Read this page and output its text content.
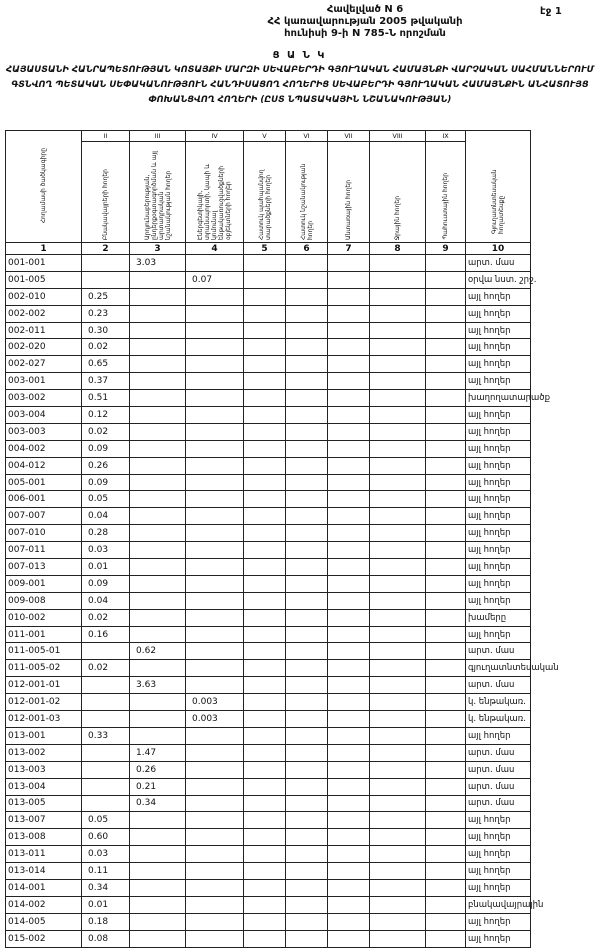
Հավելված N 6
ՀՀ կառավարության 2005 թվականի
հունիսի 9-ի N 785-Ն որոշման
էջ 1
Ց Ա Ն Կ
ՀԱՅԱՍՏԱՆԻ ՀԱՆՐԱՊԵՏՈՒԹՅԱՆ ԿՈՏԱՅՔԻ ՄԱՐԶԻ ՍԵՎԱԲԵՐԴԻ ԳՅՈՒՂԱԿԱՆ ՀԱՄԱՅՆՔԻ ՎԱՐՉԱԿԱՆ ՍԱՀՄԱՆՆԵՐՈՒՄ ԳՏՆՎՈՂ ՊԵՏԱԿԱՆ ՍԵՓԱԿԱՆՈՒԹՅՈՒՆ ՀԱՆԴԻՍԱՑՈՂ ՀՈՂԵՐԻՑ ՍԵՎԱԲԵՐԴԻ ԳՅՈՒՂԱԿԱՆ ՀԱՄԱՅՆՔԻՆ ԱՆՀԱՏՈՒՅՑ ՓՈԽԱՆՑՎՈՂ ՀՈՂԵՐԻ (ԸՍՏ ՆՊԱՏԱԿԱՅԻՆ ՆՇԱՆԱԿՈՒԹՅԱՆ)
Հողամասի ծածկագիրը	II	III	IV	V	VI	VII	VIII	IX	Գյուղատնտեսական հողատեսքը
	Բնակավայրերի հողեր	Արդյունաբերության, ընդերքօգտագործման և այլ արտադրական նշանակության հողեր	Էներգետիկայի, տրանսպորտի, կապի և կոմունալ ենթակառուցվածքների օբյեկտների հողեր	Հատուկ պահպանվող տարածքների հողեր	Հատուկ նշանակության հողեր	Անտառային հողեր	Ջրային հողեր	Պահուստային հողեր	
1	2	3	4	5	6	7	8	9	10
001-001		3.03							արտ. մաս
001-005			0.07						օրվա նստ. շրջ.
002-010	0.25								այլ հողեր
002-002	0.23								այլ հողեր
002-011	0.30								այլ հողեր
002-020	0.02								այլ հողեր
002-027	0.65								այլ հողեր
003-001	0.37								այլ հողեր
003-002	0.51								խաղողատարածք
003-004	0.12								այլ հողեր
003-003	0.02								այլ հողեր
004-002	0.09								այլ հողեր
004-012	0.26								այլ հողեր
005-001	0.09								այլ հողեր
006-001	0.05								այլ հողեր
007-007	0.04								այլ հողեր
007-010	0.28								այլ հողեր
007-011	0.03								այլ հողեր
007-013	0.01								այլ հողեր
009-001	0.09								այլ հողեր
009-008	0.04								այլ հողեր
010-002	0.02								խամերը
011-001	0.16								այլ հողեր
011-005-01		0.62							արտ. մաս
011-005-02	0.02								գյուղատնտեսական
012-001-01		3.63							արտ. մաս
012-001-02			0.003						կ. ենթակառ.
012-001-03			0.003						կ. ենթակառ.
013-001	0.33								այլ հողեր
013-002		1.47							արտ. մաս
013-003		0.26							արտ. մաս
013-004		0.21							արտ. մաս
013-005		0.34							արտ. մաս
013-007	0.05								այլ հողեր
013-008	0.60								այլ հողեր
013-011	0.03								այլ հողեր
013-014	0.11								այլ հողեր
014-001	0.34								այլ հողեր
014-002	0.01								բնակավայրային
014-005	0.18								այլ հողեր
015-002	0.08								այլ հողեր
